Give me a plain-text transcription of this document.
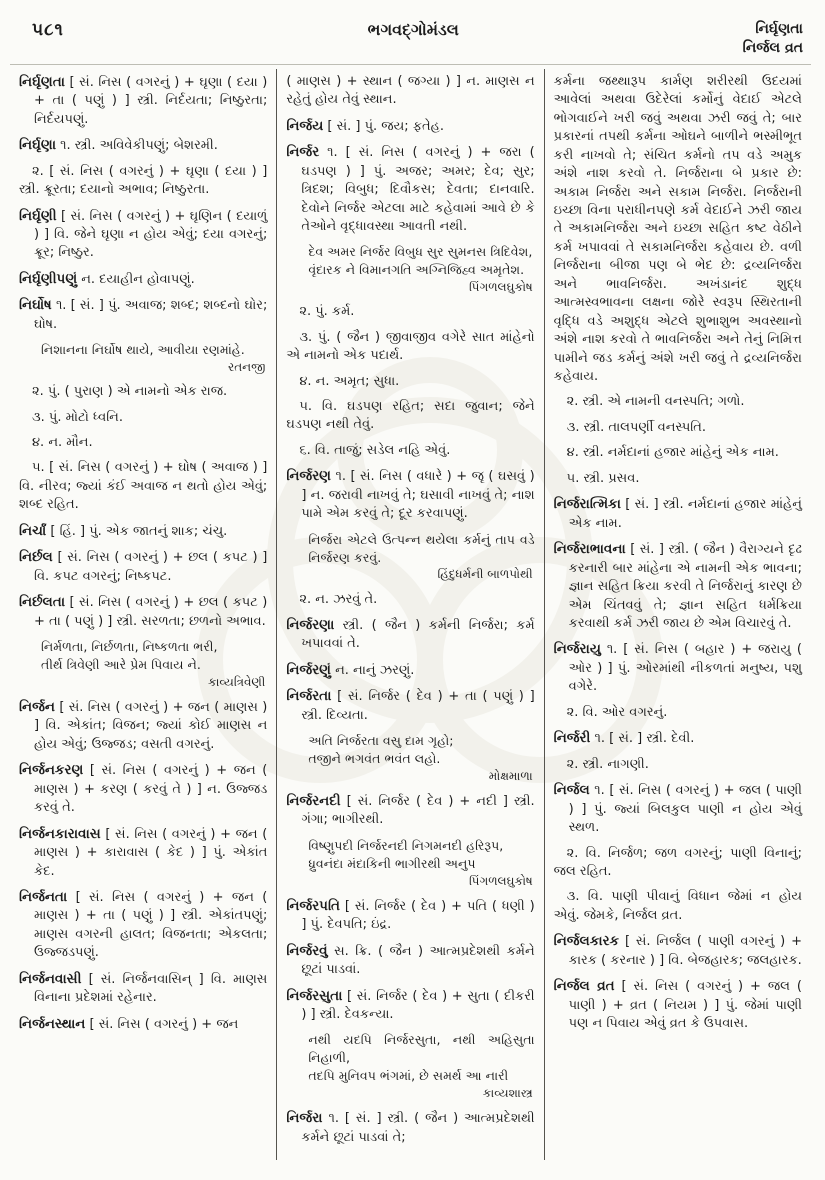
૫૮૧	ભગવદ્ગોમંડલ	નિર્ઘૃણતા
નિર્જલ વ્રત
નિર્ઘૃણતા [ સં. નિસ ( વગરનું ) + ઘૃણા ( દયા ) + તા ( પણું ) ] સ્ત્રી. નિર્દયતા; નિષ્ઠુરતા; નિર્દયપણું.
નિર્ઘૃણા ૧. સ્ત્રી. અવિવેકીપણું; બેશરમી.
૨. [ સં. નિસ ( વગરનું ) + ઘૃણા ( દયા ) ] સ્ત્રી. ક્રૂરતા; દયાનો અભાવ; નિષ્ઠુરતા.
નિર્ઘૃણી [ સં. નિસ ( વગરનું ) + ઘૃણિન ( દયાળું ) ] વિ. જેને ઘૃણા ન હોય એવું; દયા વગરનું; ક્રૂર; નિષ્ઠુર.
નિર્ઘૃણીપણું ન. દયાહીન હોવાપણું.
નિર્ઘોષ ૧. [ સં. ] પું. અવાજ; શબ્દ; શબ્દનો ઘોર; ઘોષ.
નિશાનના નિર્ઘોષ થાયે, આવીયા રણમાંહે.
રતનજી
૨. પું. ( પુરાણ ) એ નામનો એક રાજ.
૩. પું. મોટો ધ્વનિ.
૪. ન. મૌન.
૫. [ સં. નિસ ( વગરનું ) + ઘોષ ( અવાજ ) ] વિ. નીરવ; જ્યાં કંઈ અવાજ ન થતો હોય એવું; શબ્દ રહિત.
નિર્ચાં [ હિં. ] પું. એક જાતનું શાક; ચંચુ.
નિર્છલ [ સં. નિસ ( વગરનું ) + છલ ( કપટ ) ] વિ. કપટ વગરનું; નિષ્કપટ.
નિર્છલતા [ સં. નિસ ( વગરનું ) + છલ ( કપટ ) + તા ( પણું ) ] સ્ત્રી. સરળતા; છળનો અભાવ.
નિર્મળતા, નિર્છળતા, નિષ્કળતા ભરી,
તીર્થ ત્રિવેણી આરે પ્રેમ પિવાય ને.
કાવ્યત્રિવેણી
નિર્જન [ સં. નિસ ( વગરનું ) + જન ( માણસ ) ] વિ. એકાંત; વિજન; જ્યાં કોઈ માણસ ન હોય એવું; ઉજ્જડ; વસતી વગરનું.
નિર્જનકરણ [ સં. નિસ ( વગરનું ) + જન ( માણસ ) + કરણ ( કરવું તે ) ] ન. ઉજ્જડ કરવું તે.
નિર્જનકારાવાસ [ સં. નિસ ( વગરનું ) + જન ( માણસ ) + કારાવાસ ( કેદ ) ] પું. એકાંત કેદ.
નિર્જનતા [ સં. નિસ ( વગરનું ) + જન ( માણસ ) + તા ( પણું ) ] સ્ત્રી. એકાંતપણું; માણસ વગરની હાલત; વિજનતા; એકલતા; ઉજ્જડપણું.
નિર્જનવાસી [ સં. નિર્જનવાસિન્ ] વિ. માણસ વિનાના પ્રદેશમાં રહેનાર.
નિર્જનસ્થાન [ સં. નિસ ( વગરનું ) + જન
( માણસ ) + સ્થાન ( જગ્યા ) ] ન. માણસ ન રહેતું હોય તેવું સ્થાન.
નિર્જય [ સં. ] પું. જય; ફતેહ.
નિર્જર ૧. [ સં. નિસ ( વગરનું ) + જરા ( ઘડપણ ) ] પું. અજર; અમર; દેવ; સુર; ત્રિદશ; વિબુધ; દિવૌકસ; દેવતા; દાનવારિ. દેવોને નિર્જર એટલા માટે કહેવામાં આવે છે કે તેઓને વૃદ્ધાવસ્થા આવતી નથી.
દેવ અમર નિર્જર વિબુધ સુર સુમનસ ત્રિદિવેશ,
વૃંદારક ને વિમાનગતિ અગ્નિજિહ્વ અમૃતેશ.
પિંગળલઘુકોષ
૨. પું. કર્મ.
૩. પું. ( જૈન ) જીવાજીવ વગેરે સાત માંહેનો એ નામનો એક પદાર્થ.
૪. ન. અમૃત; સુધા.
૫. વિ. ઘડપણ રહિત; સદા જુવાન; જેને ઘડપણ નથી તેવું.
૬. વિ. તાજું; સડેલ નહિ એવું.
નિર્જરણ ૧. [ સં. નિસ ( વધારે ) + જૃ ( ઘસવું ) ] ન. જરાવી નાખવું તે; ઘસાવી નાખવું તે; નાશ પામે એમ કરવું તે; દૂર કરવાપણું.
નિર્જરા એટલે ઉત્પન્ન થયેલા કર્મનું તાપ વડે નિર્જરણ કરવું.
હિંદુધર્મની બાળપોથી
૨. ન. ઝરવું તે.
નિર્જરણા સ્ત્રી. ( જૈન ) કર્મની નિર્જરા; કર્મ ખપાવવાં તે.
નિર્જરણું ન. નાનું ઝરણું.
નિર્જરતા [ સં. નિર્જર ( દેવ ) + તા ( પણું ) ] સ્ત્રી. દિવ્યતા.
અતિ નિર્જરતા વસુ દામ ગૃહો;
તજીને ભગવંત ભવંત લહો.
મોક્ષમાળા
નિર્જરનદી [ સં. નિર્જર ( દેવ ) + નદી ] સ્ત્રી. ગંગા; ભાગીરથી.
વિષ્ણુપદી નિર્જરનદી નિગમનદી હરિરૂપ,
ધ્રુવનંદા મંદાકિની ભાગીરથી અનુપ
પિંગળલઘુકોષ
નિર્જરપતિ [ સં. નિર્જર ( દેવ ) + પતિ ( ધણી ) ] પું. દેવપતિ; ઇંદ્ર.
નિર્જરવું સ. ક્રિ. ( જૈન ) આત્મપ્રદેશથી કર્મને છૂટાં પાડવાં.
નિર્જરસુતા [ સં. નિર્જર ( દેવ ) + સુતા ( દીકરી ) ] સ્ત્રી. દેવકન્યા.
નથી યદપિ નિર્જરસુતા, નથી અહિસુતા નિહાળી,
તદપિ મુનિવપ ભંગમાં, છે સમર્થ આ નારી
કાવ્યશાસ્ત્ર
નિર્જરા ૧. [ સં. ] સ્ત્રી. ( જૈન ) આત્મપ્રદેશથી કર્મને છૂટાં પાડવાં તે;
કર્મના જથ્થારૂપ કાર્મણ શરીરથી ઉદયમાં આવેલાં અથવા ઉદેરેલાં કર્મોનું વેદાઈ એટલે ભોગવાઈને ખરી જવું અથવા ઝરી જવું તે; બાર પ્રકારનાં તપથી કર્મના ઓઘને બાળીને ભસ્મીભૂત કરી નાખવો તે; સંચિત કર્મનો તપ વડે અમુક અંશે નાશ કરવો તે. નિર્જરાના બે પ્રકાર છે: અકામ નિર્જરા અને સકામ નિર્જરા. નિર્જરાની ઇચ્છા વિના પરાધીનપણે કર્મ વેદાઈને ઝરી જાય તે અકામનિર્જરા અને ઇચ્છા સહિત કષ્ટ વેઠીને કર્મ ખપાવવાં તે સકામનિર્જરા કહેવાય છે. વળી નિર્જરાના બીજા પણ બે ભેદ છે: દ્રવ્યનિર્જરા અને ભાવનિર્જરા. અખંડાનંદ શુદ્ધ આત્મસ્વભાવના લક્ષના જોરે સ્વરૂપ સ્થિરતાની વૃદ્ધિ વડે અશુદ્ધ એટલે શુભાશુભ અવસ્થાનો અંશે નાશ કરવો તે ભાવનિર્જરા અને તેનું નિમિત્ત પામીને જડ કર્મનું અંશે ખરી જવું તે દ્રવ્યનિર્જરા કહેવાય.
૨. સ્ત્રી. એ નામની વનસ્પતિ; ગળો.
૩. સ્ત્રી. તાલપર્ણી વનસ્પતિ.
૪. સ્ત્રી. નર્મદાનાં હજાર માંહેનું એક નામ.
૫. સ્ત્રી. પ્રસવ.
નિર્જરાત્મિકા [ સં. ] સ્ત્રી. નર્મદાનાં હજાર માંહેનું એક નામ.
નિર્જરાભાવના [ સં. ] સ્ત્રી. ( જૈન ) વૈરાગ્યને દૃઢ કરનારી બાર માંહેના એ નામની એક ભાવના; જ્ઞાન સહિત ક્રિયા કરવી તે નિર્જરાનું કારણ છે એમ ચિંતવવું તે; જ્ઞાન સહિત ધર્મક્રિયા કરવાથી કર્મ ઝરી જાય છે એમ વિચારવું તે.
નિર્જરાયુ ૧. [ સં. નિસ ( બહાર ) + જરાયુ ( ઓર ) ] પું. ઓરમાંથી નીકળતાં મનુષ્ય, પશુ વગેરે.
૨. વિ. ઓર વગરનું.
નિર્જરી ૧. [ સં. ] સ્ત્રી. દેવી.
૨. સ્ત્રી. નાગણી.
નિર્જલ ૧. [ સં. નિસ ( વગરનું ) + જલ ( પાણી ) ] પું. જ્યાં બિલકુલ પાણી ન હોય એવું સ્થળ.
૨. વિ. નિર્જળ; જળ વગરનું; પાણી વિનાનું; જલ રહિત.
૩. વિ. પાણી પીવાનું વિધાન જેમાં ન હોય એવું. જેમકે, નિર્જલ વ્રત.
નિર્જલકારક [ સં. નિર્જલ ( પાણી વગરનું ) + કારક ( કરનાર ) ] વિ. બેજહારક; જલહારક.
નિર્જલ વ્રત [ સં. નિસ ( વગરનું ) + જલ ( પાણી ) + વ્રત ( નિયમ ) ] પું. જેમાં પાણી પણ ન પિવાય એવું વ્રત કે ઉપવાસ.
